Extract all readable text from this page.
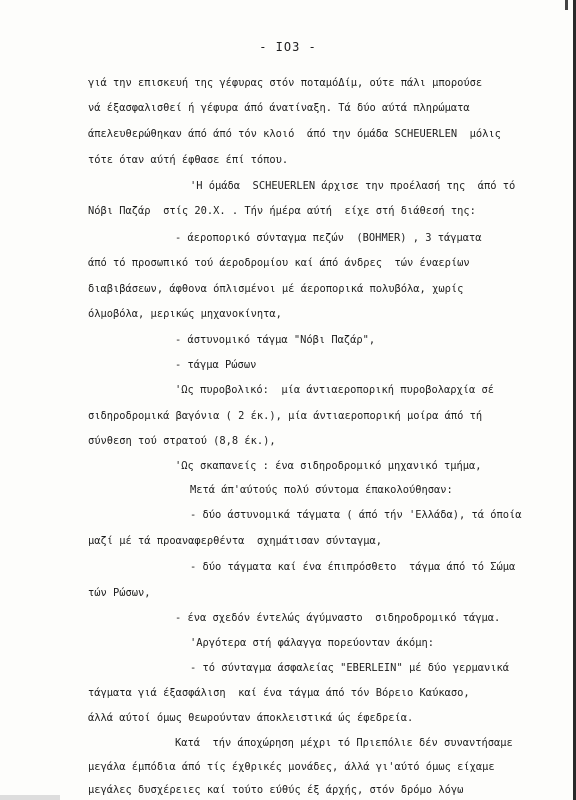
- IO3 -
γιά την επισκευή της γέφυρας στόν ποταμόΔίμ, ούτε πάλι μπορούσε
νά έξασφαλισθεί ή γέφυρα άπό άνατίναξη. Τά δύο αύτά πληρώματα
άπελευθερώθηκαν άπό άπό τόν κλοιό  άπό την όμάδα SCHEUERLEN  μόλις
τότε όταν αύτή έφθασε έπί τόπου.
'Η όμάδα  SCHEUERLEN άρχισε την προέλασή της  άπό τό
Νόβι Παζάρ  στίς 20.Χ. . Τήν ήμέρα αύτή  είχε στή διάθεσή της:
- άεροπορικό σύνταγμα πεζών  (BOHMER) , 3 τάγματα
άπό τό προσωπικό τού άεροδρομίου καί άπό άνδρες  τών έναερίων
διαβιβάσεων, άφθονα όπλισμένοι μέ άεροπορικά πολυβόλα, χωρίς
όλμοβόλα, μερικώς μηχανοκίνητα,
- άστυνομικό τάγμα "Νόβι Παζάρ",
- τάγμα Ρώσων
'Ως πυροβολικό:  μία άντιαεροπορική πυροβολαρχία σέ
σιδηροδρομικά βαγόνια ( 2 έκ.), μία άντιαεροπορική μοίρα άπό τή
σύνθεση τού στρατού (8,8 έκ.),
'Ως σκαπανείς : ένα σιδηροδρομικό μηχανικό τμήμα,
Μετά άπ'αύτούς πολύ σύντομα έπακολούθησαν:
- δύο άστυνομικά τάγματα ( άπό τήν 'Ελλάδα), τά όποία
μαζί μέ τά προαναφερθέντα  σχημάτισαν σύνταγμα,
- δύο τάγματα καί ένα έπιπρόσθετο  τάγμα άπό τό Σώμα
τών Ρώσων,
- ένα σχεδόν έντελώς άγύμναστο  σιδηροδρομικό τάγμα.
'Αργότερα στή φάλαγγα πορεύονταν άκόμη:
- τό σύνταγμα άσφαλείας "EBERLEIN" μέ δύο γερμανικά
τάγματα γιά έξασφάλιση  καί ένα τάγμα άπό τόν Βόρειο Καύκασο,
άλλά αύτοί όμως θεωρούνταν άποκλειστικά ώς έφεδρεία.
Κατά  τήν άποχώρηση μέχρι τό Πριεπόλιε δέν συναντήσαμε
μεγάλα έμπόδια άπό τίς έχθρικές μονάδες, άλλά γι'αύτό όμως είχαμε
μεγάλες δυσχέρειες καί τούτο εύθύς έξ άρχής, στόν δρόμο λόγω
